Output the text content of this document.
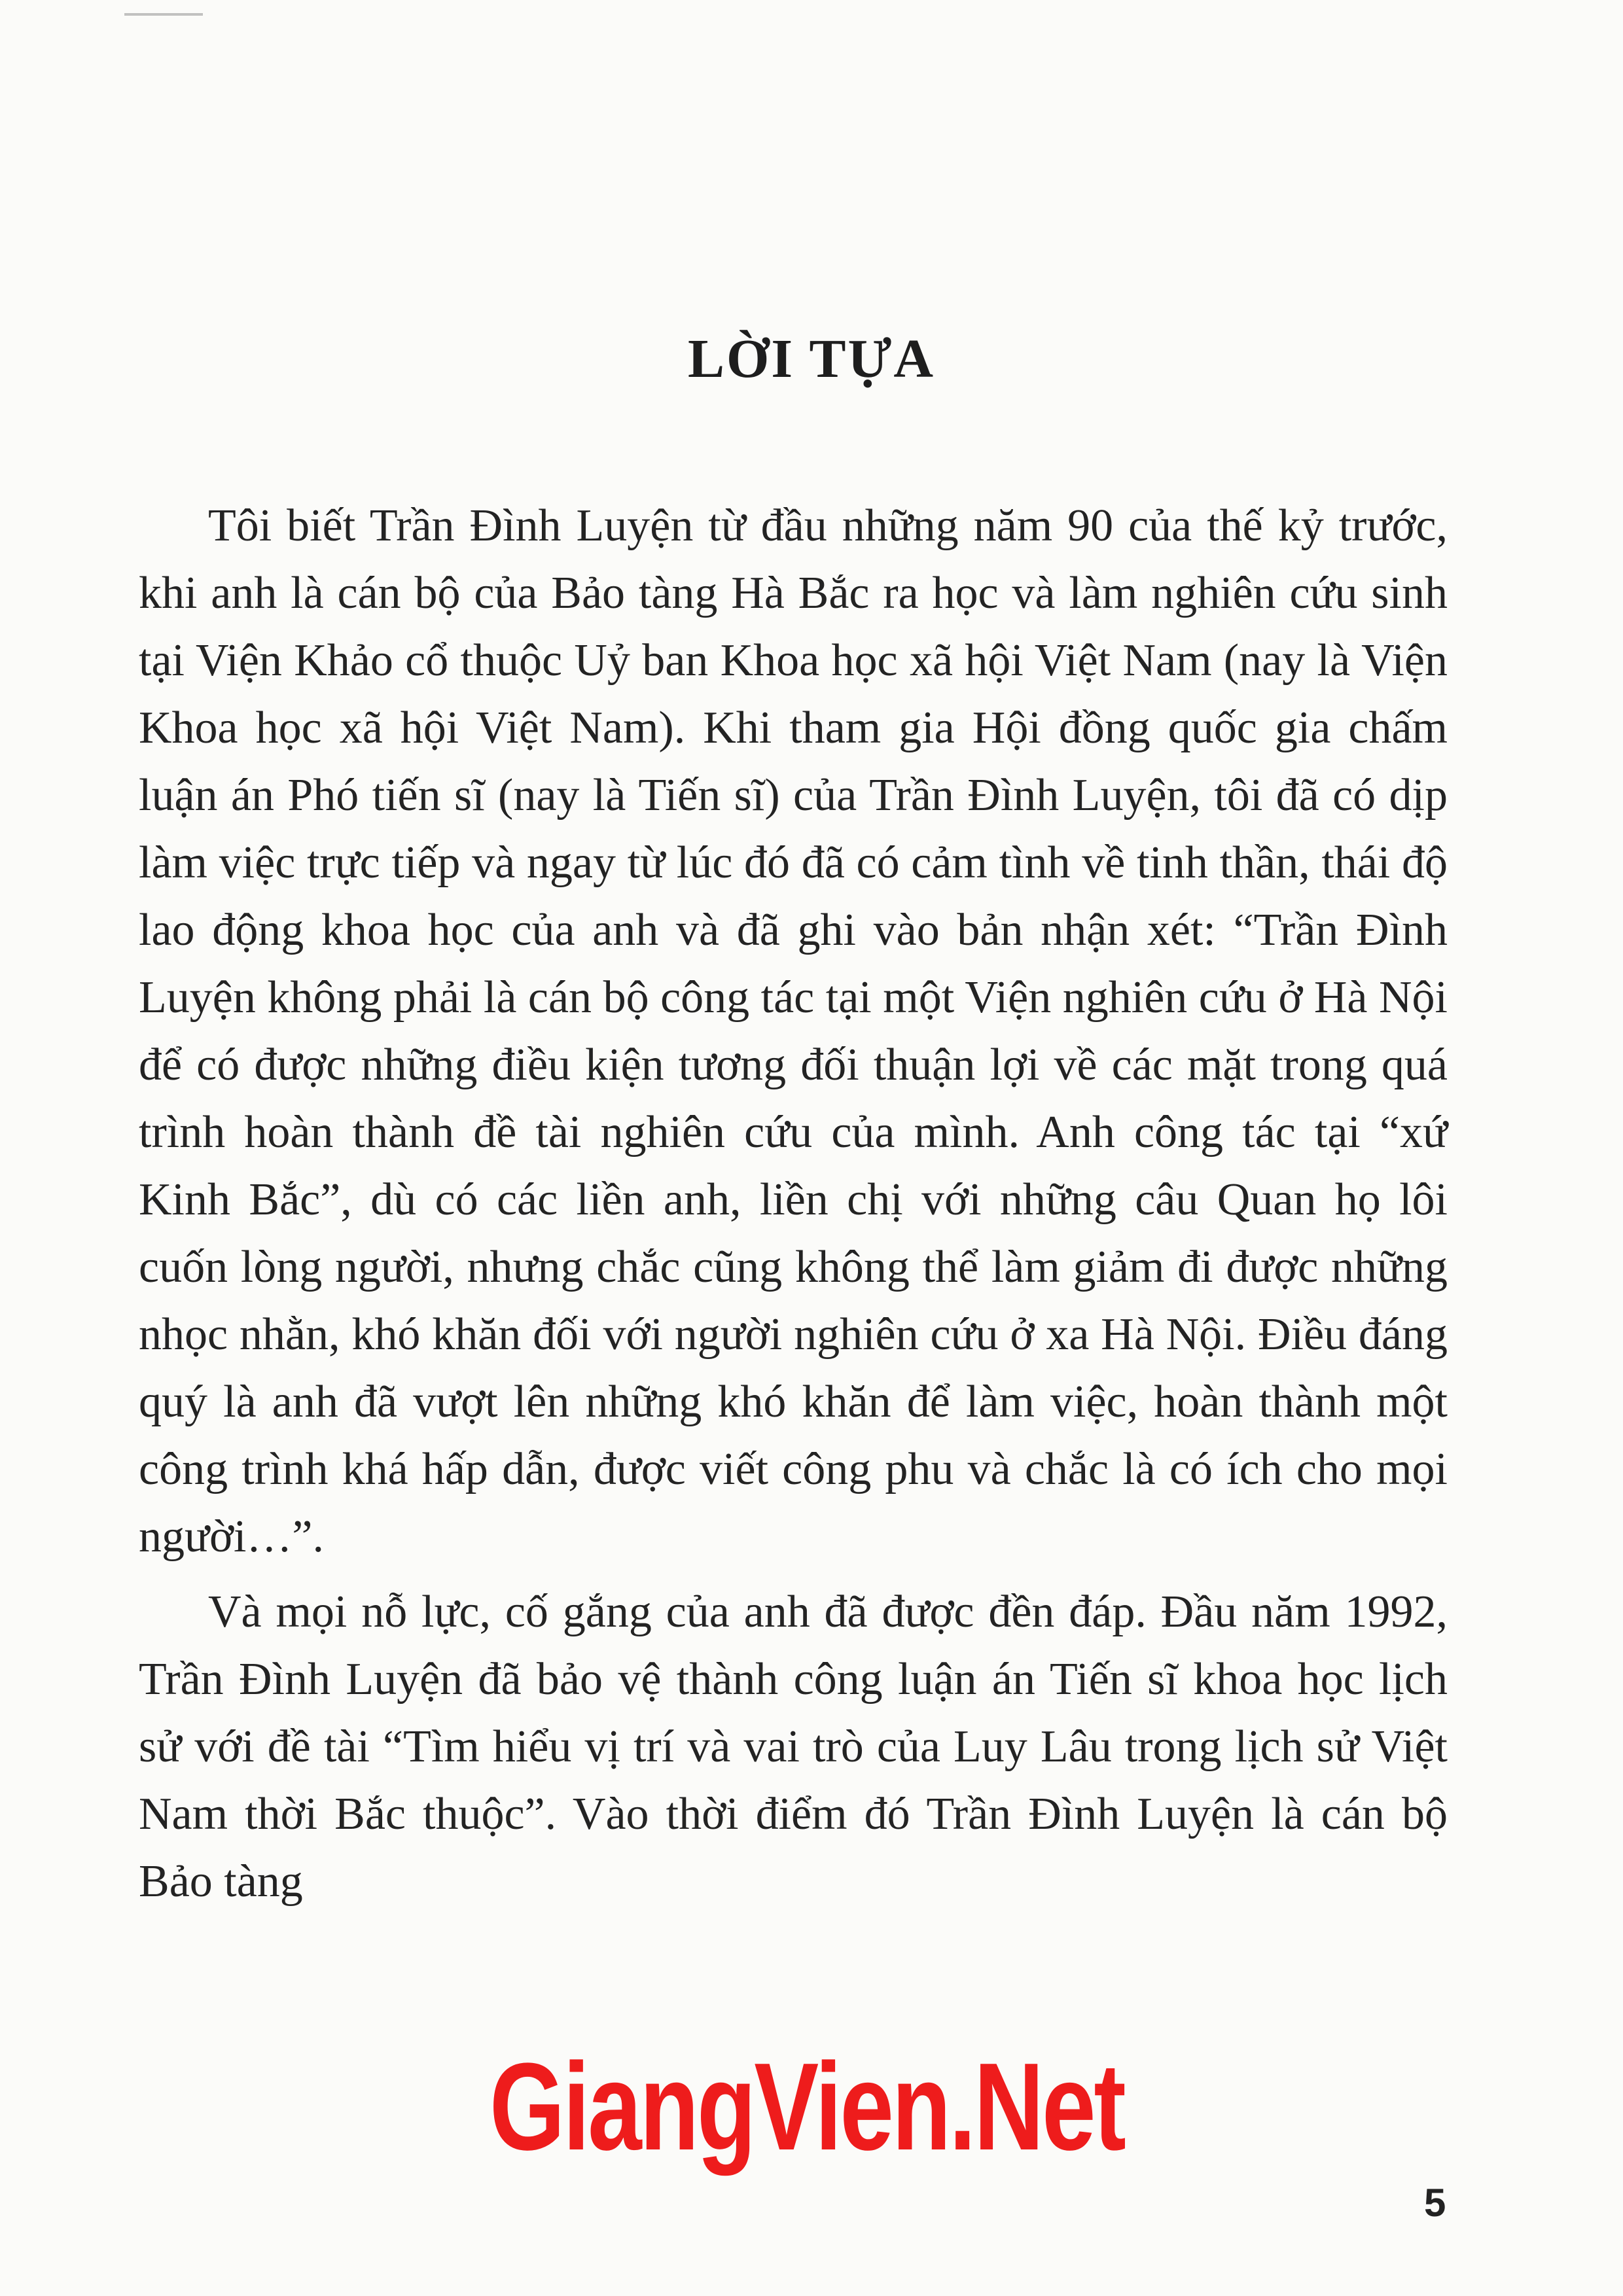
LỜI TỰA

Tôi biết Trần Đình Luyện từ đầu những năm 90 của thế kỷ trước, khi anh là cán bộ của Bảo tàng Hà Bắc ra học và làm nghiên cứu sinh tại Viện Khảo cổ thuộc Uỷ ban Khoa học xã hội Việt Nam (nay là Viện Khoa học xã hội Việt Nam). Khi tham gia Hội đồng quốc gia chấm luận án Phó tiến sĩ (nay là Tiến sĩ) của Trần Đình Luyện, tôi đã có dịp làm việc trực tiếp và ngay từ lúc đó đã có cảm tình về tinh thần, thái độ lao động khoa học của anh và đã ghi vào bản nhận xét: “Trần Đình Luyện không phải là cán bộ công tác tại một Viện nghiên cứu ở Hà Nội để có được những điều kiện tương đối thuận lợi về các mặt trong quá trình hoàn thành đề tài nghiên cứu của mình. Anh công tác tại “xứ Kinh Bắc”, dù có các liền anh, liền chị với những câu Quan họ lôi cuốn lòng người, nhưng chắc cũng không thể làm giảm đi được những nhọc nhằn, khó khăn đối với người nghiên cứu ở xa Hà Nội. Điều đáng quý là anh đã vượt lên những khó khăn để làm việc, hoàn thành một công trình khá hấp dẫn, được viết công phu và chắc là có ích cho mọi người…”.

Và mọi nỗ lực, cố gắng của anh đã được đền đáp. Đầu năm 1992, Trần Đình Luyện đã bảo vệ thành công luận án Tiến sĩ khoa học lịch sử với đề tài “Tìm hiểu vị trí và vai trò của Luy Lâu trong lịch sử Việt Nam thời Bắc thuộc”. Vào thời điểm đó Trần Đình Luyện là cán bộ Bảo tàng

GiangVien.Net
5
